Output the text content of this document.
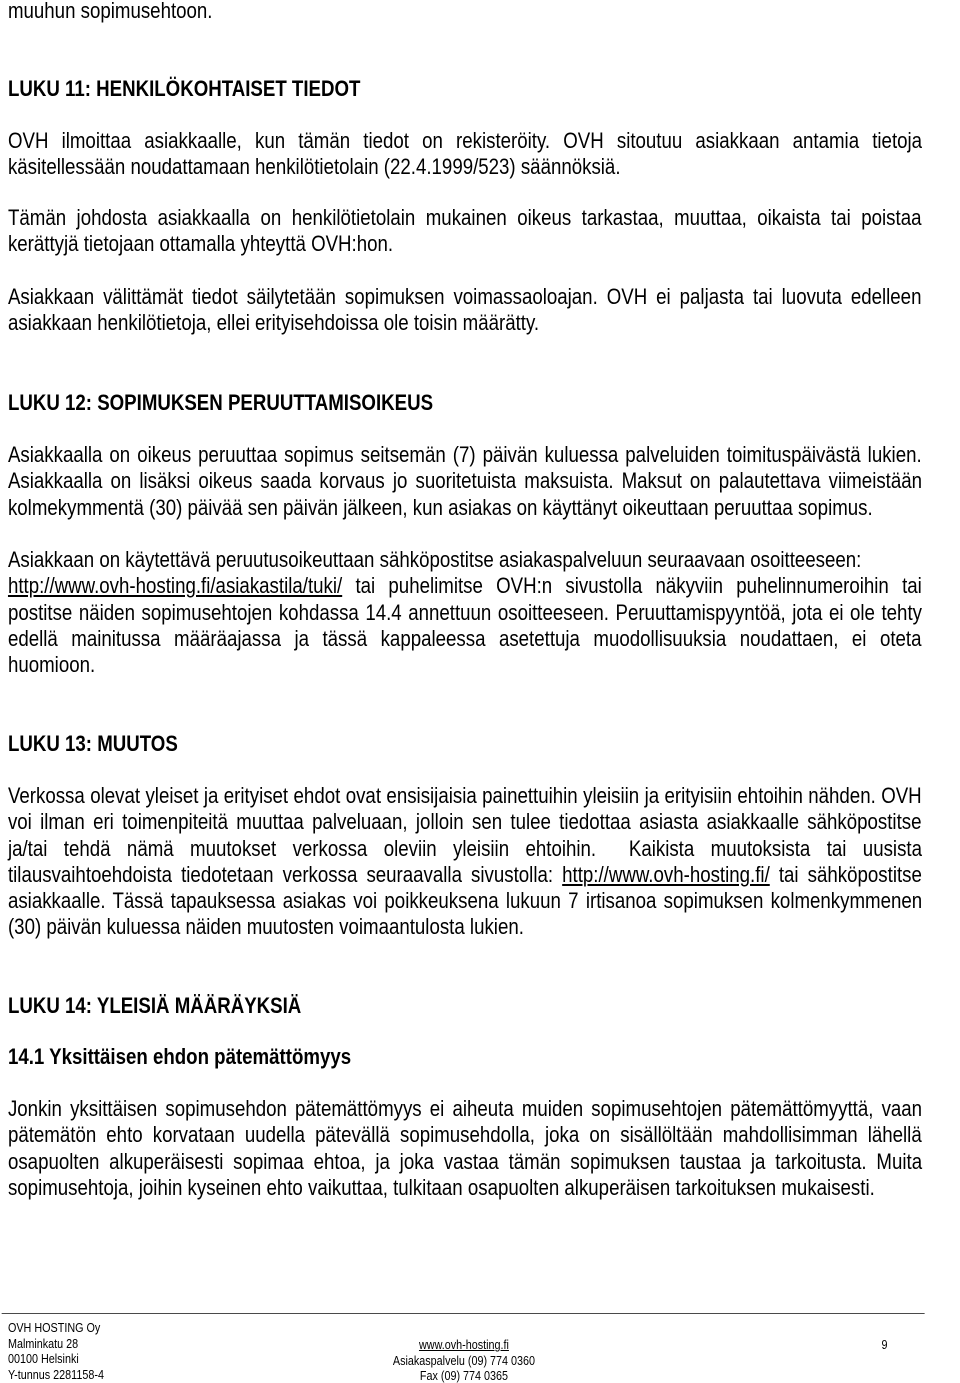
muuhun sopimusehtoon.
LUKU 11: HENKILÖKOHTAISET TIEDOT
OVH ilmoittaa asiakkaalle, kun tämän tiedot on rekisteröity. OVH sitoutuu asiakkaan antamia tietoja
käsitellessään noudattamaan henkilötietolain (22.4.1999/523) säännöksiä.
Tämän johdosta asiakkaalla on henkilötietolain mukainen oikeus tarkastaa, muuttaa, oikaista tai poistaa
kerättyjä tietojaan ottamalla yhteyttä OVH:hon.
Asiakkaan välittämät tiedot säilytetään sopimuksen voimassaoloajan. OVH ei paljasta tai luovuta edelleen
asiakkaan henkilötietoja, ellei erityisehdoissa ole toisin määrätty.
LUKU 12: SOPIMUKSEN PERUUTTAMISOIKEUS
Asiakkaalla on oikeus peruuttaa sopimus seitsemän (7) päivän kuluessa palveluiden toimituspäivästä lukien.
Asiakkaalla on lisäksi oikeus saada korvaus jo suoritetuista maksuista. Maksut on palautettava viimeistään
kolmekymmentä (30) päivää sen päivän jälkeen, kun asiakas on käyttänyt oikeuttaan peruuttaa sopimus.
Asiakkaan on käytettävä peruutusoikeuttaan sähköpostitse asiakaspalveluun seuraavaan osoitteeseen:
http://www.ovh-hosting.fi/asiakastila/tuki/ tai puhelimitse OVH:n sivustolla näkyviin puhelinnumeroihin tai
postitse näiden sopimusehtojen kohdassa 14.4 annettuun osoitteeseen. Peruuttamispyyntöä, jota ei ole tehty
edellä mainitussa määräajassa ja tässä kappaleessa asetettuja muodollisuuksia noudattaen, ei oteta
huomioon.
LUKU 13: MUUTOS
Verkossa olevat yleiset ja erityiset ehdot ovat ensisijaisia painettuihin yleisiin ja erityisiin ehtoihin nähden. OVH
voi ilman eri toimenpiteitä muuttaa palveluaan, jolloin sen tulee tiedottaa asiasta asiakkaalle sähköpostitse
ja/tai tehdä nämä muutokset verkossa oleviin yleisiin ehtoihin.  Kaikista muutoksista tai uusista
tilausvaihtoehdoista tiedotetaan verkossa seuraavalla sivustolla: http://www.ovh-hosting.fi/ tai sähköpostitse
asiakkaalle. Tässä tapauksessa asiakas voi poikkeuksena lukuun 7 irtisanoa sopimuksen kolmenkymmenen
(30) päivän kuluessa näiden muutosten voimaantulosta lukien.
LUKU 14: YLEISIÄ MÄÄRÄYKSIÄ
14.1 Yksittäisen ehdon pätemättömyys
Jonkin yksittäisen sopimusehdon pätemättömyys ei aiheuta muiden sopimusehtojen pätemättömyyttä, vaan
pätemätön ehto korvataan uudella pätevällä sopimusehdolla, joka on sisällöltään mahdollisimman lähellä
osapuolten alkuperäisesti sopimaa ehtoa, ja joka vastaa tämän sopimuksen taustaa ja tarkoitusta. Muita
sopimusehtoja, joihin kyseinen ehto vaikuttaa, tulkitaan osapuolten alkuperäisen tarkoituksen mukaisesti.
OVH HOSTING Oy
Malminkatu 28
00100 Helsinki
Y-tunnus 2281158-4
www.ovh-hosting.fi
Asiakaspalvelu (09) 774 0360
Fax (09) 774 0365
9
